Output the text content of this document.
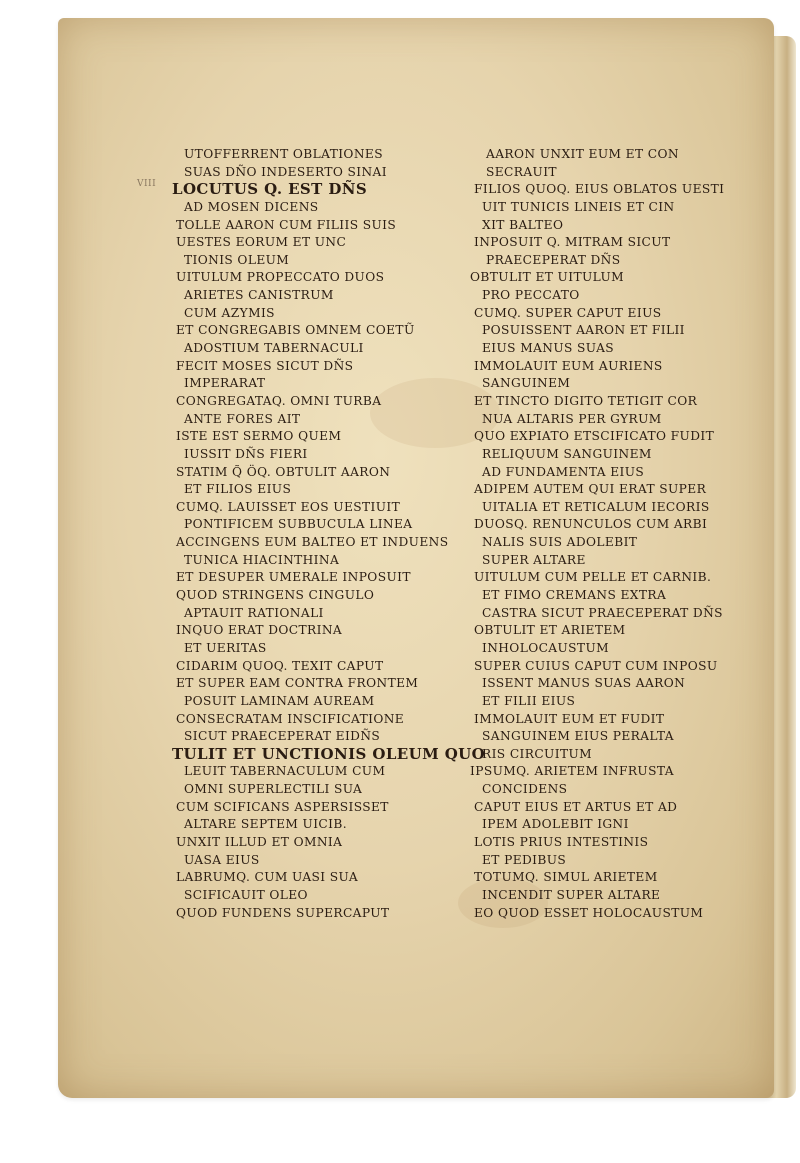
VIII
UTOFFERRENT OBLATIONES
SUAS DÑO INDESERTO SINAI
LOCUTUS Q. EST DÑS
AD MOSEN DICENS
TOLLE AARON CUM FILIIS SUIS
UESTES EORUM ET UNC
TIONIS OLEUM
UITULUM PROPECCATO DUOS
ARIETES CANISTRUM
CUM AZYMIS
ET CONGREGABIS OMNEM COETŨ
ADOSTIUM TABERNACULI
FECIT MOSES SICUT DÑS
IMPERARAT
CONGREGATAQ. OMNI TURBA
ANTE FORES AIT
ISTE EST SERMO QUEM
IUSSIT DÑS FIERI
STATIM Q̃ ÖQ. OBTULIT AARON
ET FILIOS EIUS
CUMQ. LAUISSET EOS UESTIUIT
PONTIFICEM SUBBUCULA LINEA
ACCINGENS EUM BALTEO ET INDUENS
TUNICA HIACINTHINA
ET DESUPER UMERALE INPOSUIT
QUOD STRINGENS CINGULO
APTAUIT RATIONALI
INQUO ERAT DOCTRINA
ET UERITAS
CIDARIM QUOQ. TEXIT CAPUT
ET SUPER EAM CONTRA FRONTEM
POSUIT LAMINAM AUREAM
CONSECRATAM INSCIFICATIONE
SICUT PRAECEPERAT EIDÑS
TULIT ET UNCTIONIS OLEUM QUO
LEUIT TABERNACULUM CUM
OMNI SUPERLECTILI SUA
CUM SCIFICANS ASPERSISSET
ALTARE SEPTEM UICIB.
UNXIT ILLUD ET OMNIA
UASA EIUS
LABRUMQ. CUM UASI SUA
SCIFICAUIT OLEO
QUOD FUNDENS SUPERCAPUT
AARON UNXIT EUM ET CON
SECRAUIT
FILIOS QUOQ. EIUS OBLATOS UESTI
UIT TUNICIS LINEIS ET CIN
XIT BALTEO
INPOSUIT Q. MITRAM SICUT
PRAECEPERAT DÑS
OBTULIT ET UITULUM
PRO PECCATO
CUMQ. SUPER CAPUT EIUS
POSUISSENT AARON ET FILII
EIUS MANUS SUAS
IMMOLAUIT EUM AURIENS
SANGUINEM
ET TINCTO DIGITO TETIGIT COR
NUA ALTARIS PER GYRUM
QUO EXPIATO ETSCIFICATO FUDIT
RELIQUUM SANGUINEM
AD FUNDAMENTA EIUS
ADIPEM AUTEM QUI ERAT SUPER
UITALIA ET RETICALUM IECORIS
DUOSQ. RENUNCULOS CUM ARBI
NALIS SUIS ADOLEBIT
SUPER ALTARE
UITULUM CUM PELLE ET CARNIB.
ET FIMO CREMANS EXTRA
CASTRA SICUT PRAECEPERAT DÑS
OBTULIT ET ARIETEM
INHOLOCAUSTUM
SUPER CUIUS CAPUT CUM INPOSU
ISSENT MANUS SUAS AARON
ET FILII EIUS
IMMOLAUIT EUM ET FUDIT
SANGUINEM EIUS PERALTA
RIS CIRCUITUM
IPSUMQ. ARIETEM INFRUSTA
CONCIDENS
CAPUT EIUS ET ARTUS ET AD
IPEM ADOLEBIT IGNI
LOTIS PRIUS INTESTINIS
ET PEDIBUS
TOTUMQ. SIMUL ARIETEM
INCENDIT SUPER ALTARE
EO QUOD ESSET HOLOCAUSTUM
